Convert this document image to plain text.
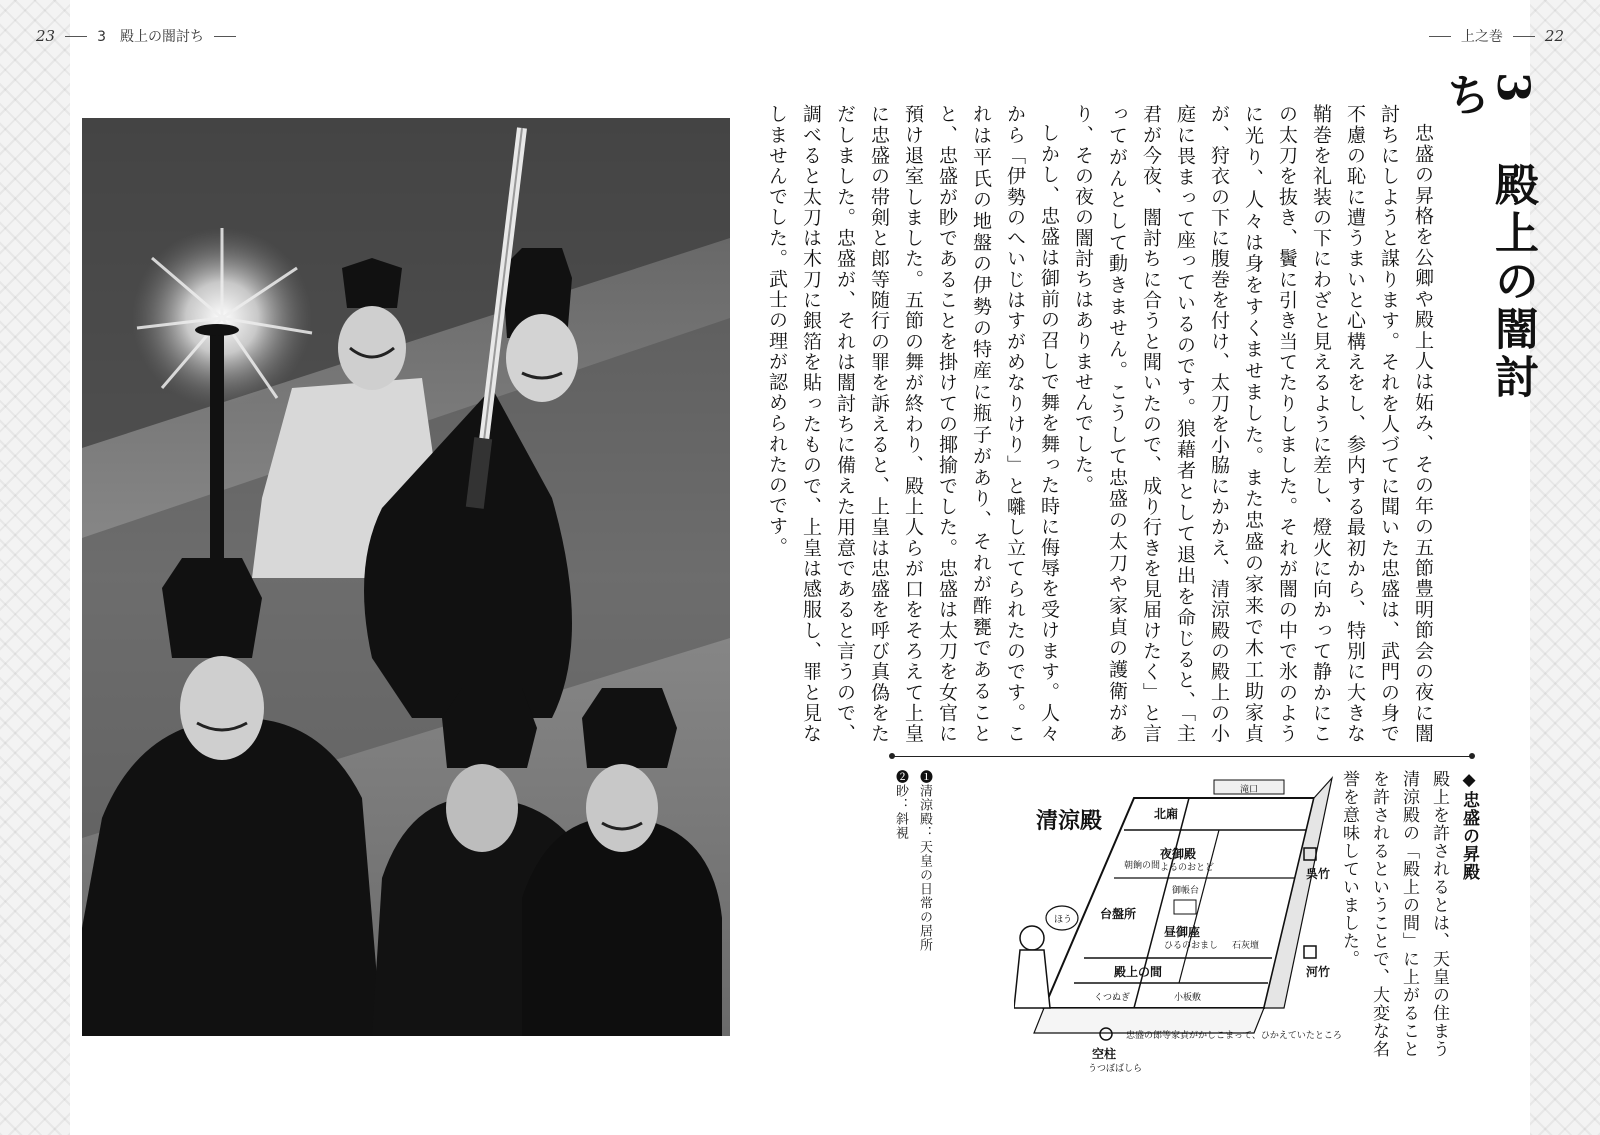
23	3　殿上の闇討ち	上之巻	22
3 殿上の闇討ち

忠盛の昇格を公卿や殿上人は妬み、その年の五節豊明節会の夜に闇討ちにしようと謀ります。それを人づてに聞いた忠盛は、武門の身で不慮の恥に遭うまいと心構えをし、参内する最初から、特別に大きな鞘巻を礼装の下にわざと見えるように差し、燈火に向かって静かにこの太刀を抜き、鬢に引き当てたりしました。それが闇の中で氷のように光り、人々は身をすくませました。また忠盛の家来で木工助家貞が、狩衣の下に腹巻を付け、太刀を小脇にかかえ、清涼殿の殿上の小庭に畏まって座っているのです。狼藉者として退出を命じると、「主君が今夜、闇討ちに合うと聞いたので、成り行きを見届けたく」と言ってがんとして動きません。こうして忠盛の太刀や家貞の護衛があり、その夜の闇討ちはありませんでした。

しかし、忠盛は御前の召しで舞を舞った時に侮辱を受けます。人々から「伊勢のへいじはすがめなりけり」と囃し立てられたのです。これは平氏の地盤の伊勢の特産に瓶子があり、それが酢甕であることと、忠盛が眇であることを掛けての揶揄でした。忠盛は太刀を女官に預け退室しました。五節の舞が終わり、殿上人らが口をそろえて上皇に忠盛の帯剣と郎等随行の罪を訴えると、上皇は忠盛を呼び真偽をただしました。忠盛が、それは闇討ちに備えた用意であると言うので、調べると太刀は木刀に銀箔を貼ったもので、上皇は感服し、罪と見なしませんでした。武士の理が認められたのです。

◆忠盛の昇殿

殿上を許されるとは、天皇の住まう清涼殿の「殿上の間」に上がることを許されるということで、大変な名誉を意味していました。

滝口
北廂
夜御殿
よるのおとど
朝餉の間
御帳台
昼御座
ひるのおまし
台盤所
石灰壇
殿上の間
小板敷
くつぬぎ
清涼殿
呉竹
河竹
空柱
うつぼばしら
ほう
忠盛の郎等家貞がかしこまって、ひかえていたところ
❶清涼殿：天皇の日常の居所
❷眇：斜視
